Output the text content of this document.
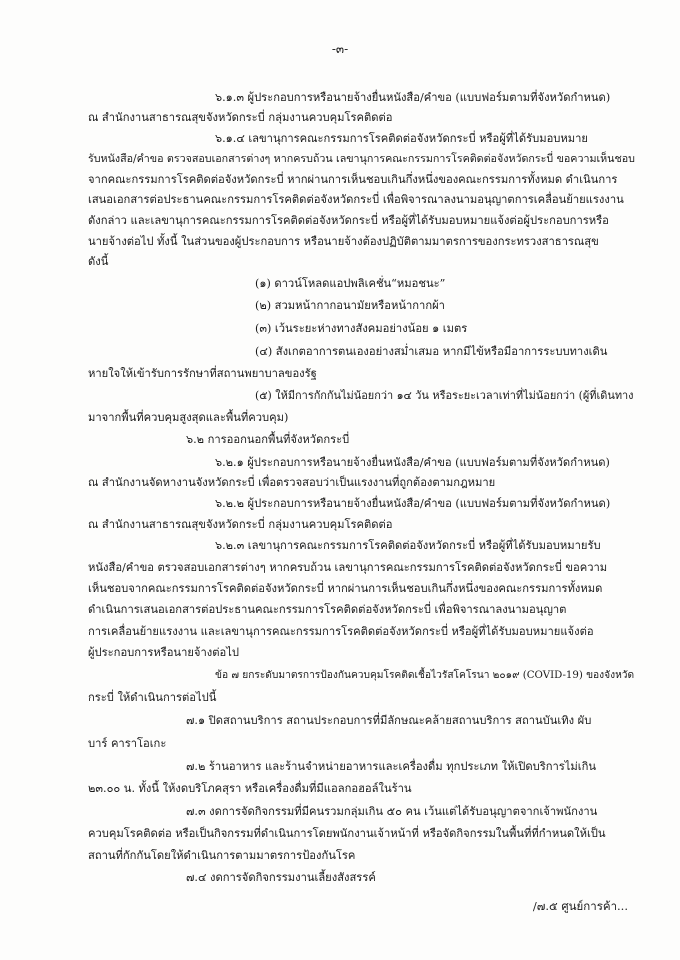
-๓-
๖.๑.๓ ผู้ประกอบการหรือนายจ้างยื่นหนังสือ/คำขอ (แบบฟอร์มตามที่จังหวัดกำหนด)
ณ สำนักงานสาธารณสุขจังหวัดกระบี่ กลุ่มงานควบคุมโรคติดต่อ
๖.๑.๔ เลขานุการคณะกรรมการโรคติดต่อจังหวัดกระบี่ หรือผู้ที่ได้รับมอบหมาย
รับหนังสือ/คำขอ ตรวจสอบเอกสารต่างๆ หากครบถ้วน เลขานุการคณะกรรมการโรคติดต่อจังหวัดกระบี่ ขอความเห็นชอบ
จากคณะกรรมการโรคติดต่อจังหวัดกระบี่ หากผ่านการเห็นชอบเกินกึ่งหนึ่งของคณะกรรมการทั้งหมด ดำเนินการ
เสนอเอกสารต่อประธานคณะกรรมการโรคติดต่อจังหวัดกระบี่ เพื่อพิจารณาลงนามอนุญาตการเคลื่อนย้ายแรงงาน
ดังกล่าว และเลขานุการคณะกรรมการโรคติดต่อจังหวัดกระบี่ หรือผู้ที่ได้รับมอบหมายแจ้งต่อผู้ประกอบการหรือ
นายจ้างต่อไป ทั้งนี้ ในส่วนของผู้ประกอบการ หรือนายจ้างต้องปฏิบัติตามมาตรการของกระทรวงสาธารณสุข
ดังนี้
(๑) ดาวน์โหลดแอปพลิเคชั่น“หมอชนะ”
(๒) สวมหน้ากากอนามัยหรือหน้ากากผ้า
(๓) เว้นระยะห่างทางสังคมอย่างน้อย ๑ เมตร
(๔) สังเกตอาการตนเองอย่างสม่ำเสมอ หากมีไข้หรือมีอาการระบบทางเดิน
หายใจให้เข้ารับการรักษาที่สถานพยาบาลของรัฐ
(๕) ให้มีการกักกันไม่น้อยกว่า ๑๔ วัน หรือระยะเวลาเท่าที่ไม่น้อยกว่า (ผู้ที่เดินทาง
มาจากพื้นที่ควบคุมสูงสุดและพื้นที่ควบคุม)
๖.๒ การออกนอกพื้นที่จังหวัดกระบี่
๖.๒.๑ ผู้ประกอบการหรือนายจ้างยื่นหนังสือ/คำขอ (แบบฟอร์มตามที่จังหวัดกำหนด)
ณ สำนักงานจัดหางานจังหวัดกระบี่ เพื่อตรวจสอบว่าเป็นแรงงานที่ถูกต้องตามกฎหมาย
๖.๒.๒ ผู้ประกอบการหรือนายจ้างยื่นหนังสือ/คำขอ (แบบฟอร์มตามที่จังหวัดกำหนด)
ณ สำนักงานสาธารณสุขจังหวัดกระบี่ กลุ่มงานควบคุมโรคติดต่อ
๖.๒.๓ เลขานุการคณะกรรมการโรคติดต่อจังหวัดกระบี่ หรือผู้ที่ได้รับมอบหมายรับ
หนังสือ/คำขอ ตรวจสอบเอกสารต่างๆ หากครบถ้วน เลขานุการคณะกรรมการโรคติดต่อจังหวัดกระบี่ ขอความ
เห็นชอบจากคณะกรรมการโรคติดต่อจังหวัดกระบี่ หากผ่านการเห็นชอบเกินกึ่งหนึ่งของคณะกรรมการทั้งหมด
ดำเนินการเสนอเอกสารต่อประธานคณะกรรมการโรคติดต่อจังหวัดกระบี่ เพื่อพิจารณาลงนามอนุญาต
การเคลื่อนย้ายแรงงาน และเลขานุการคณะกรรมการโรคติดต่อจังหวัดกระบี่ หรือผู้ที่ได้รับมอบหมายแจ้งต่อ
ผู้ประกอบการหรือนายจ้างต่อไป
ข้อ ๗ ยกระดับมาตรการป้องกันควบคุมโรคติดเชื้อไวรัสโคโรนา ๒๐๑๙ (COVID-19) ของจังหวัด
กระบี่ ให้ดำเนินการต่อไปนี้
๗.๑ ปิดสถานบริการ สถานประกอบการที่มีลักษณะคล้ายสถานบริการ สถานบันเทิง ผับ
บาร์ คาราโอเกะ
๗.๒ ร้านอาหาร และร้านจำหน่ายอาหารและเครื่องดื่ม ทุกประเภท ให้เปิดบริการไม่เกิน
๒๓.๐๐ น. ทั้งนี้ ให้งดบริโภคสุรา หรือเครื่องดื่มที่มีแอลกอฮอล์ในร้าน
๗.๓ งดการจัดกิจกรรมที่มีคนรวมกลุ่มเกิน ๕๐ คน เว้นแต่ได้รับอนุญาตจากเจ้าพนักงาน
ควบคุมโรคติดต่อ หรือเป็นกิจกรรมที่ดำเนินการโดยพนักงานเจ้าหน้าที่ หรือจัดกิจกรรมในพื้นที่ที่กำหนดให้เป็น
สถานที่กักกันโดยให้ดำเนินการตามมาตรการป้องกันโรค
๗.๔ งดการจัดกิจกรรมงานเลี้ยงสังสรรค์
/๗.๕ ศูนย์การค้า...
